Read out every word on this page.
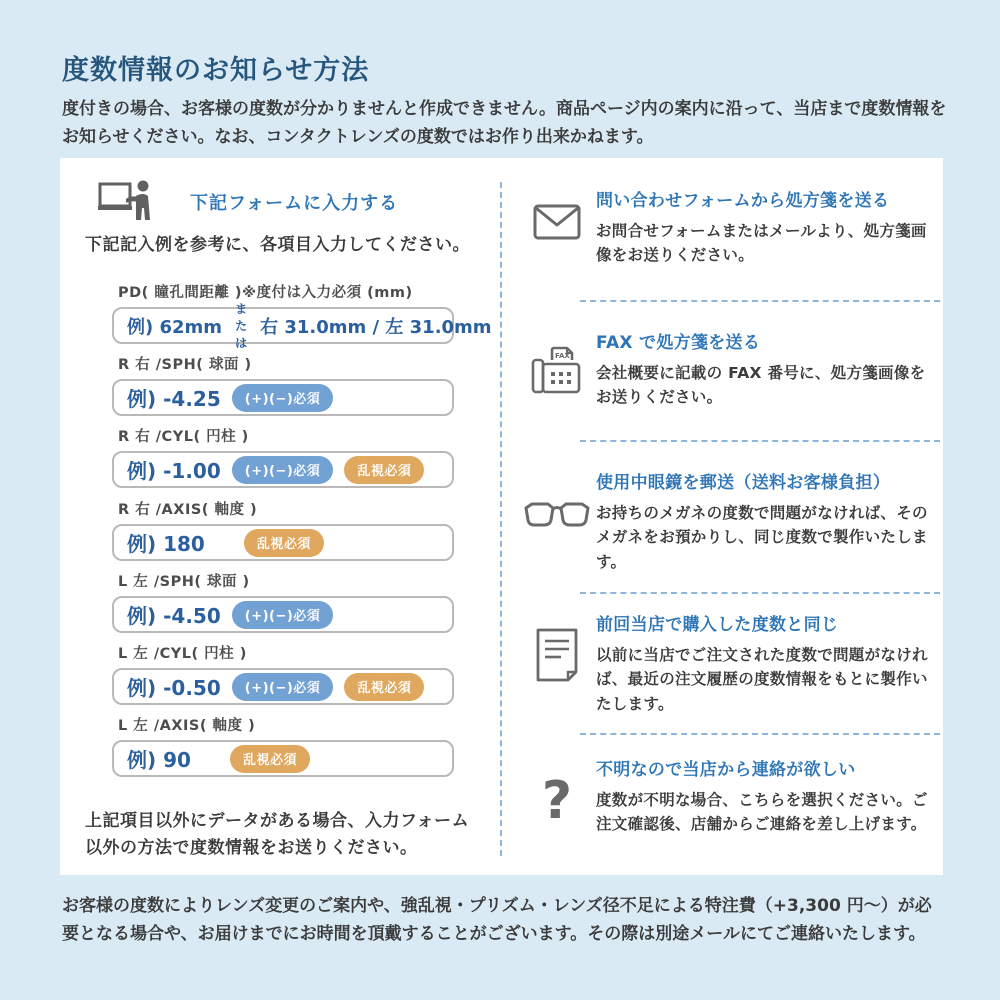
度数情報のお知らせ方法
度付きの場合、お客様の度数が分かりませんと作成できません。商品ページ内の案内に沿って、当店まで度数情報をお知らせください。なお、コンタクトレンズの度数ではお作り出来かねます。
下記フォームに入力する
下記記入例を参考に、各項目入力してください。
PD( 瞳孔間距離 )※度付は入力必須 (mm)
例) 62mm
または
右 31.0mm / 左 31.0mm
R 右 /SPH( 球面 )
例) -4.25	(+)(−)必須
R 右 /CYL( 円柱 )
例) -1.00	(+)(−)必須	乱視必須
R 右 /AXIS( 軸度 )
例) 180	乱視必須
L 左 /SPH( 球面 )
例) -4.50	(+)(−)必須
L 左 /CYL( 円柱 )
例) -0.50	(+)(−)必須	乱視必須
L 左 /AXIS( 軸度 )
例) 90	乱視必須
上記項目以外にデータがある場合、入力フォーム以外の方法で度数情報をお送りください。
問い合わせフォームから処方箋を送る
お問合せフォームまたはメールより、処方箋画像をお送りください。
FAX
FAX で処方箋を送る
会社概要に記載の FAX 番号に、処方箋画像をお送りください。
使用中眼鏡を郵送（送料お客様負担）
お持ちのメガネの度数で問題がなければ、そのメガネをお預かりし、同じ度数で製作いたします。
前回当店で購入した度数と同じ
以前に当店でご注文された度数で問題がなければ、最近の注文履歴の度数情報をもとに製作いたします。
?
不明なので当店から連絡が欲しい
度数が不明な場合、こちらを選択ください。ご注文確認後、店舗からご連絡を差し上げます。
お客様の度数によりレンズ変更のご案内や、強乱視・プリズム・レンズ径不足による特注費（+3,300 円〜）が必要となる場合や、お届けまでにお時間を頂戴することがございます。その際は別途メールにてご連絡いたします。
